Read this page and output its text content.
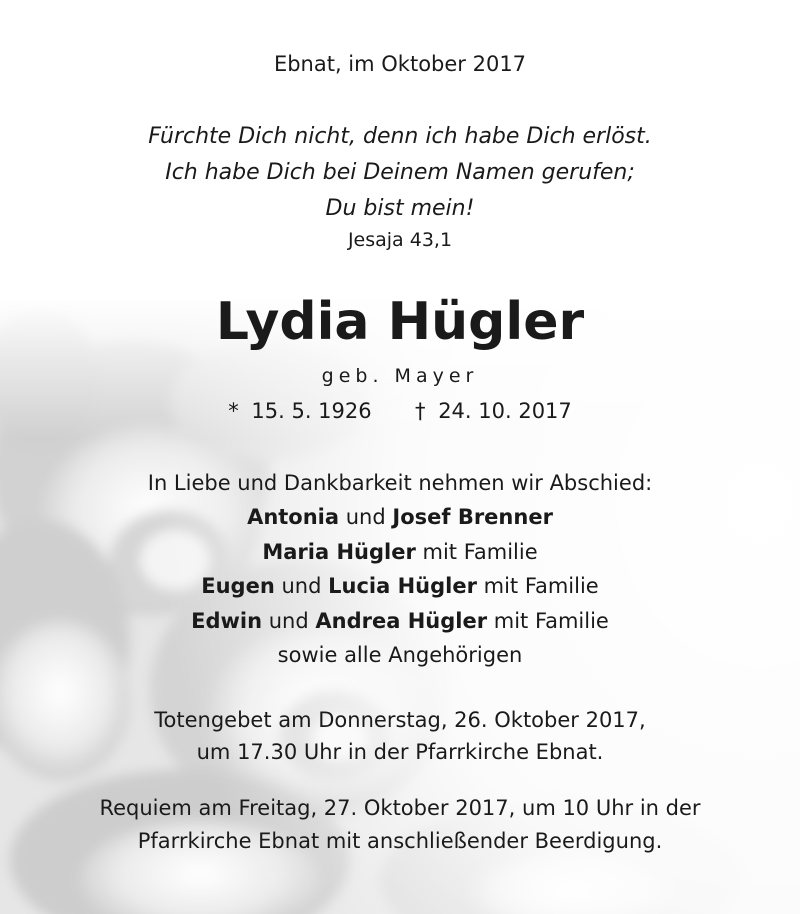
Ebnat, im Oktober 2017
Fürchte Dich nicht, denn ich habe Dich erlöst.
Ich habe Dich bei Deinem Namen gerufen;
Du bist mein!
Jesaja 43,1
Lydia Hügler
geb. Mayer
* 15. 5. 1926 † 24. 10. 2017
In Liebe und Dankbarkeit nehmen wir Abschied:
Antonia und Josef Brenner
Maria Hügler mit Familie
Eugen und Lucia Hügler mit Familie
Edwin und Andrea Hügler mit Familie
sowie alle Angehörigen
Totengebet am Donnerstag, 26. Oktober 2017,
um 17.30 Uhr in der Pfarrkirche Ebnat.
Requiem am Freitag, 27. Oktober 2017, um 10 Uhr in der
Pfarrkirche Ebnat mit anschließender Beerdigung.
